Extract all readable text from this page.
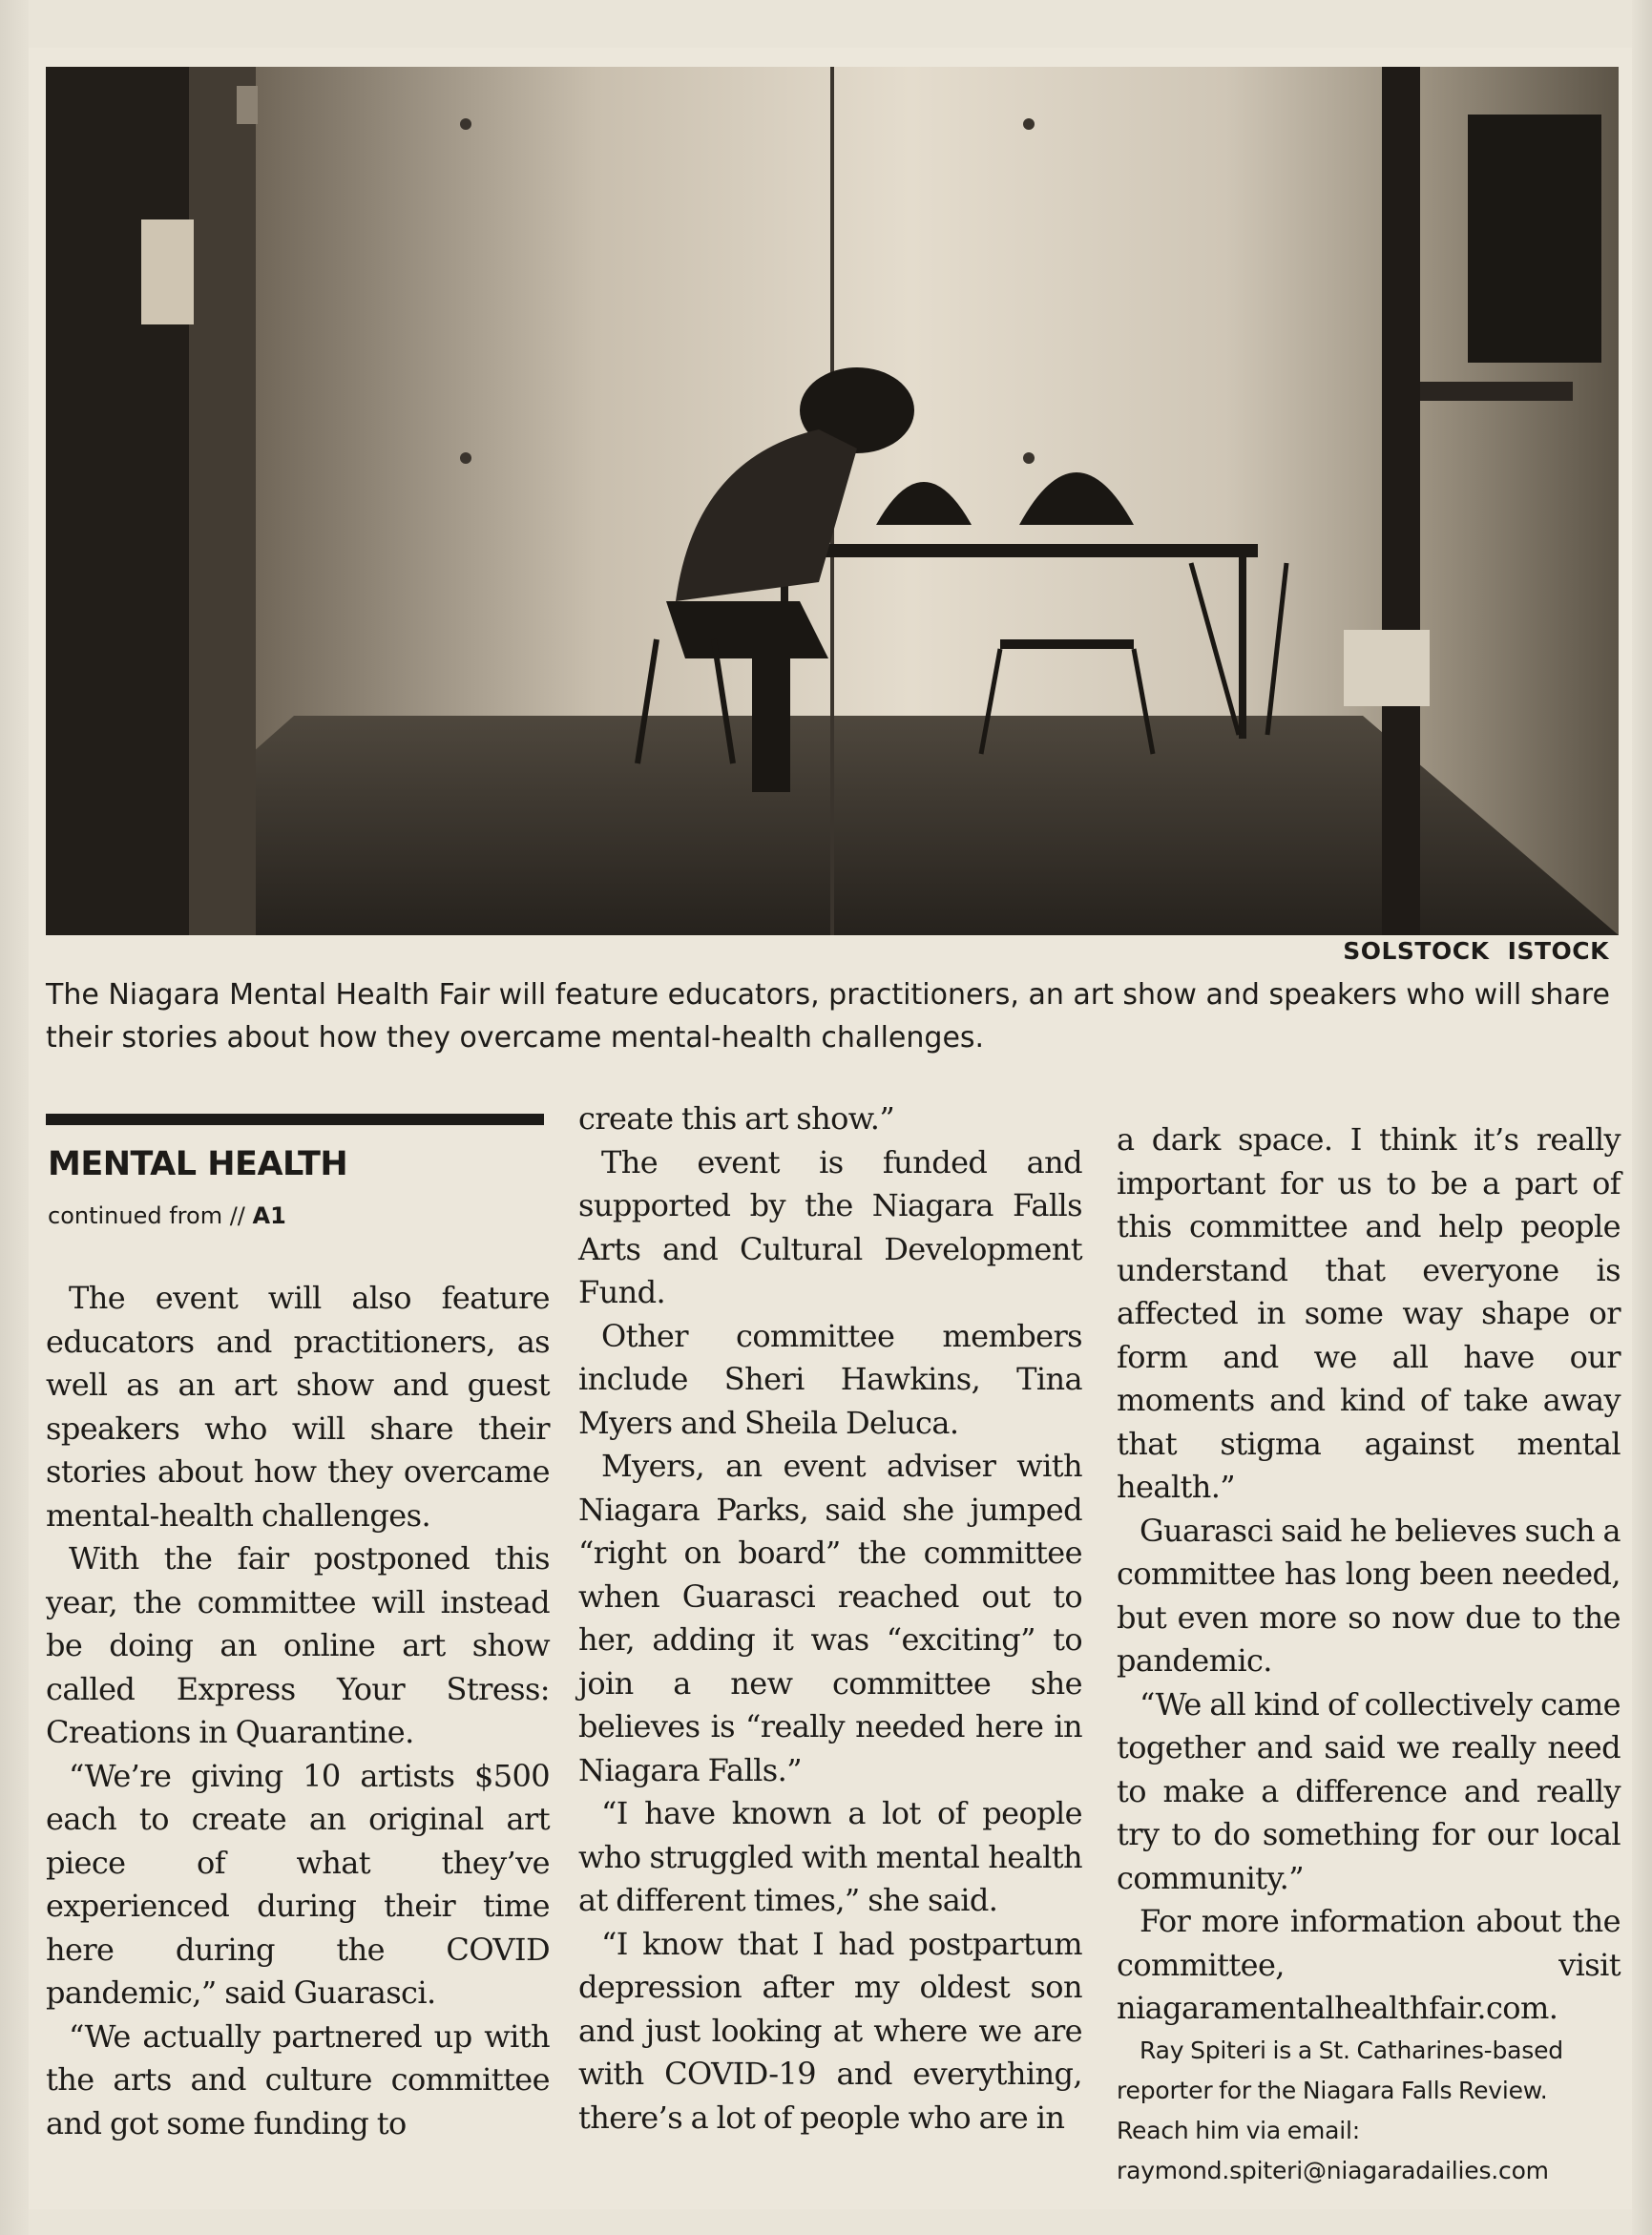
SOLSTOCK ISTOCK
The Niagara Mental Health Fair will feature educators, practitioners, an art show and speakers who will share their stories about how they overcame mental-health challenges.
MENTAL HEALTH
continued from // A1

The event will also feature educators and practitioners, as well as an art show and guest speakers who will share their stories about how they overcame mental-health challenges.

With the fair postponed this year, the committee will instead be doing an online art show called Express Your Stress: Creations in Quarantine.

“We’re giving 10 artists $500 each to create an original art piece of what they’ve experienced during their time here during the COVID pandemic,” said Guarasci.

“We actually partnered up with the arts and culture committee and got some funding to

create this art show.”

The event is funded and supported by the Niagara Falls Arts and Cultural Development Fund.

Other committee members include Sheri Hawkins, Tina Myers and Sheila Deluca.

Myers, an event adviser with Niagara Parks, said she jumped “right on board” the committee when Guarasci reached out to her, adding it was “exciting” to join a new committee she believes is “really needed here in Niagara Falls.”

“I have known a lot of people who struggled with mental health at different times,” she said.

“I know that I had postpartum depression after my oldest son and just looking at where we are with COVID-19 and everything, there’s a lot of people who are in

a dark space. I think it’s really important for us to be a part of this committee and help people understand that everyone is affected in some way shape or form and we all have our moments and kind of take away that stigma against mental health.”

Guarasci said he believes such a committee has long been needed, but even more so now due to the pandemic.

“We all kind of collectively came together and said we really need to make a difference and really try to do something for our local community.”

For more information about the committee, visit niagaramentalhealthfair.com.

Ray Spiteri is a St. Catharines-based reporter for the Niagara Falls Review. Reach him via email: raymond.spiteri@niagaradailies.com
